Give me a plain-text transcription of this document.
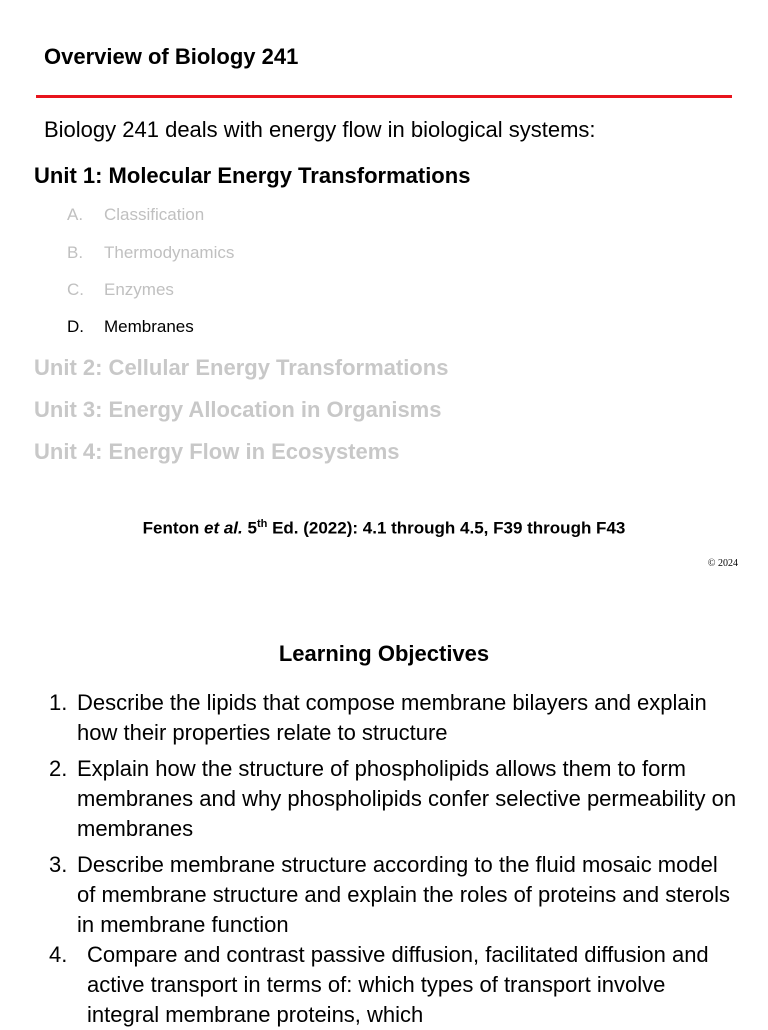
Overview of Biology 241
Biology 241 deals with energy flow in biological systems:
Unit 1: Molecular Energy Transformations
A. Classification
B. Thermodynamics
C. Enzymes
D. Membranes
Unit 2: Cellular Energy Transformations
Unit 3: Energy Allocation in Organisms
Unit 4: Energy Flow in Ecosystems
Fenton et al. 5th Ed. (2022): 4.1 through 4.5, F39 through F43
© 2024
Learning Objectives
1. Describe the lipids that compose membrane bilayers and explain how their properties relate to structure
2. Explain how the structure of phospholipids allows them to form membranes and why phospholipids confer selective permeability on membranes
3. Describe membrane structure according to the fluid mosaic model of membrane structure and explain the roles of proteins and sterols in membrane function
4. Compare and contrast passive diffusion, facilitated diffusion and active transport in terms of: which types of transport involve integral membrane proteins, which
